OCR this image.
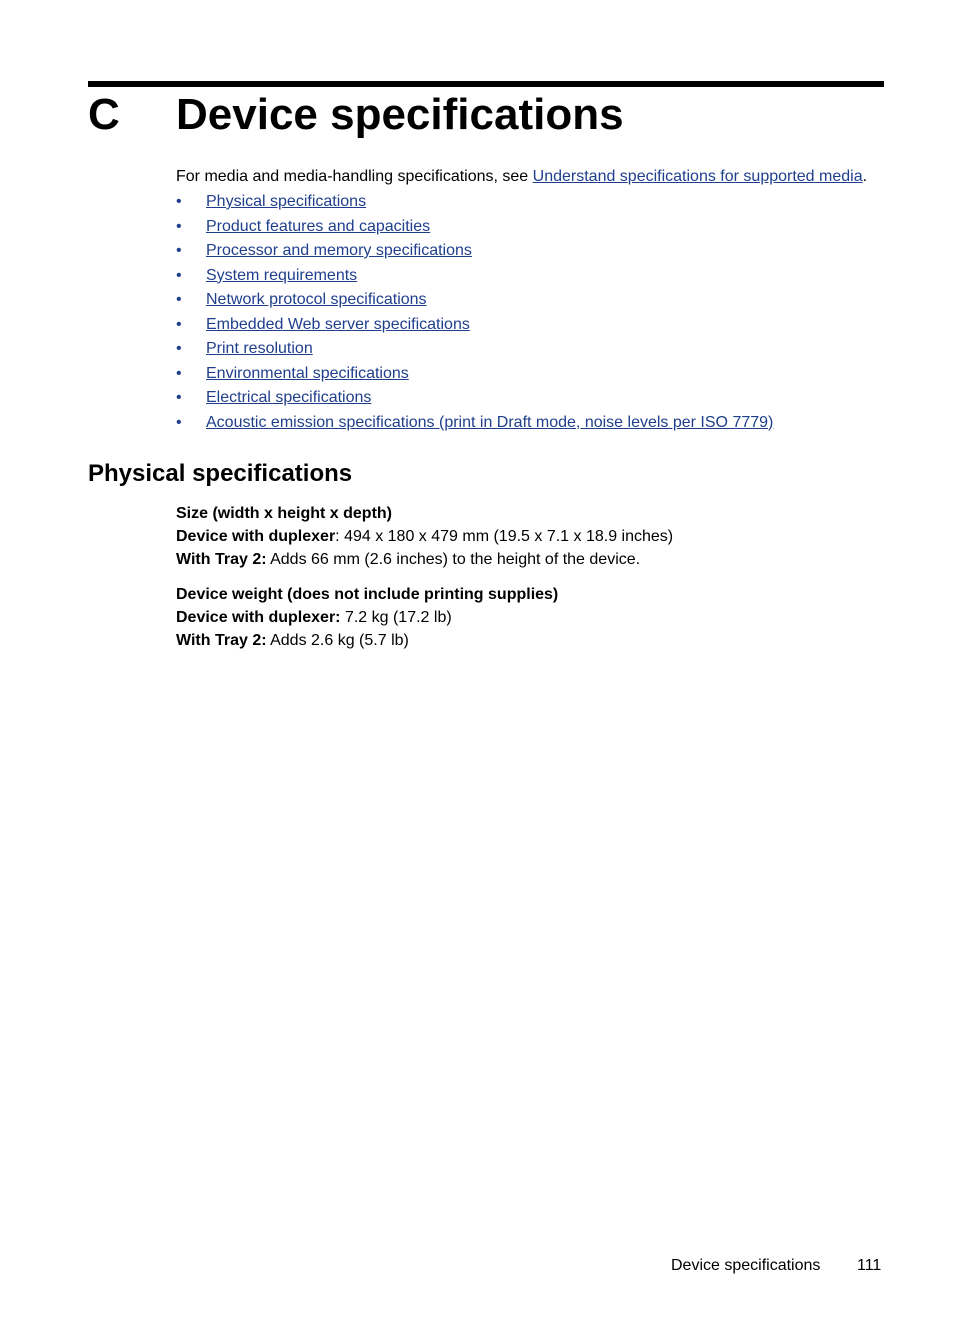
C Device specifications
For media and media-handling specifications, see Understand specifications for supported media.
• Physical specifications
• Product features and capacities
• Processor and memory specifications
• System requirements
• Network protocol specifications
• Embedded Web server specifications
• Print resolution
• Environmental specifications
• Electrical specifications
• Acoustic emission specifications (print in Draft mode, noise levels per ISO 7779)
Physical specifications

Size (width x height x depth)

Device with duplexer: 494 x 180 x 479 mm (19.5 x 7.1 x 18.9 inches)

With Tray 2: Adds 66 mm (2.6 inches) to the height of the device.

Device weight (does not include printing supplies)

Device with duplexer: 7.2 kg (17.2 lb)

With Tray 2: Adds 2.6 kg (5.7 lb)

Device specifications 111
